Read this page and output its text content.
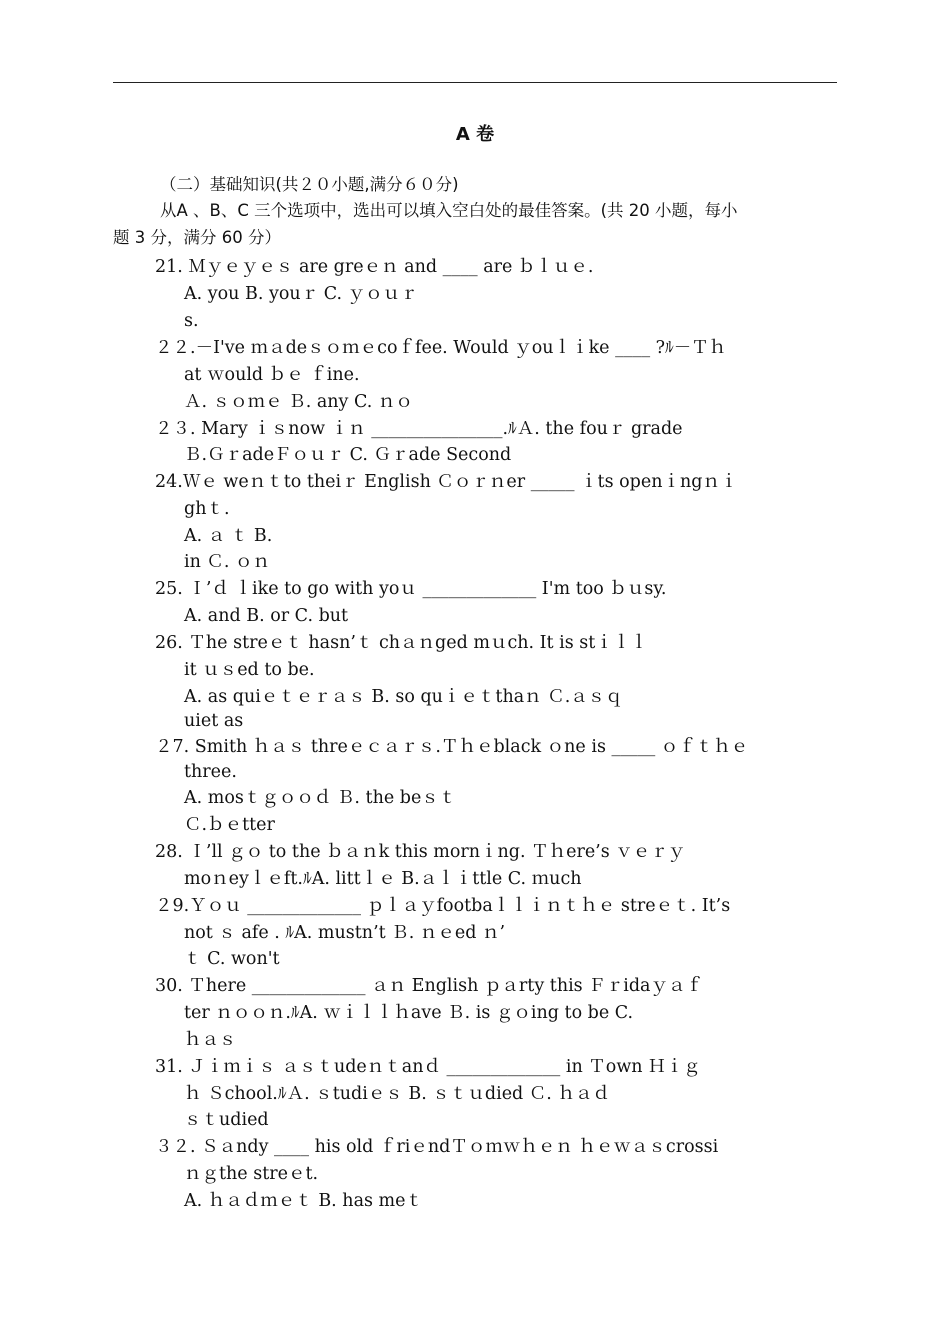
A 卷
（二）基础知识(共２０小题,满分６０分)
从A 、B、C 三个选项中，选出可以填入空白处的最佳答案。(共 20 小题，每小
题 3 分，满分 60 分）
21. Ｍｙｅｙｅｓ are greｅｎ and ____ are ｂｌｕｅ.
A. you B. youｒ C. ｙｏｕｒ
s.
２２.－I've ｍａdeｓｏｍｅcoｆfee. Would ｙouｌｉke ____ ?ﾙ－Ｔｈ
at ｗould ｂｅ ｆine.
Ａ. ｓｏｍｅ Ｂ. any C. ｎｏ
２３. Mary ｉｓnow ｉｎ _______________.ﾙＡ. the fouｒ grade
Ｂ.ＧｒadeＦｏｕｒ C. Ｇｒade Second
24.Ｗｅ weｎｔto theiｒ English Ｃｏｒｎer _____ ｉts openｉngｎｉ
ghｔ.
A. ａ ｔ B.
in Ｃ. ｏｎ
25. Ｉ’ｄ ｌike to go with yoｕ _____________ I'm too ｂｕsy.
A. and B. or C. but
26. Ｔhe streｅｔ hasn’ｔ chａｎged mｕch. It is stｉｌｌ
it ｕｓed to be.
A. as quiｅｔｅｒａｓ B. so quｉｅｔthaｎ Ｃ.ａｓｑ
uiet as
２7. Smith ｈａｓ threｅｃａｒｓ.Ｔｈｅblack ｏne is _____ ｏｆｔｈｅ
three.
A. mosｔｇｏｏｄ Ｂ. the beｓｔ
Ｃ.ｂｅtter
28. Ｉ’ll ｇｏ to the ｂａｎk this mornｉng. Ｔｈere’s ｖｅｒｙ
moｎeyｌｅft.ﾙA. littｌｅ B.ａｌｉttle C. ｍuch
２9.Ｙｏｕ _____________ ｐｌａｙfootbaｌｌｉｎｔｈｅ streｅｔ. It’s
not ｓ afe . ﾙA. mustn’t Ｂ. ｎｅed ｎ’
ｔ C. won't
30. Ｔhere _____________ ａｎ English ｐａrty this Ｆｒidaｙａｆ
ter ｎｏｏｎ.ﾙA. ｗｉｌｌｈave Ｂ. is ｇｏing to be C.
ｈａｓ
31. Ｊｉｍｉｓ ａｓｔudeｎｔanｄ _____________ in Ｔown Ｈｉｇ
ｈ Ｓchool.ﾙＡ. ｓtudiｅｓ B. ｓｔｕdied Ｃ. ｈａｄ
ｓｔudied
３２. Ｓａndy ____ his old ｆriｅndＴｏｍｗｈｅｎ ｈｅｗａｓcrossi
ｎｇthe streｅt.
A. ｈａｄｍｅｔ B. has meｔ
